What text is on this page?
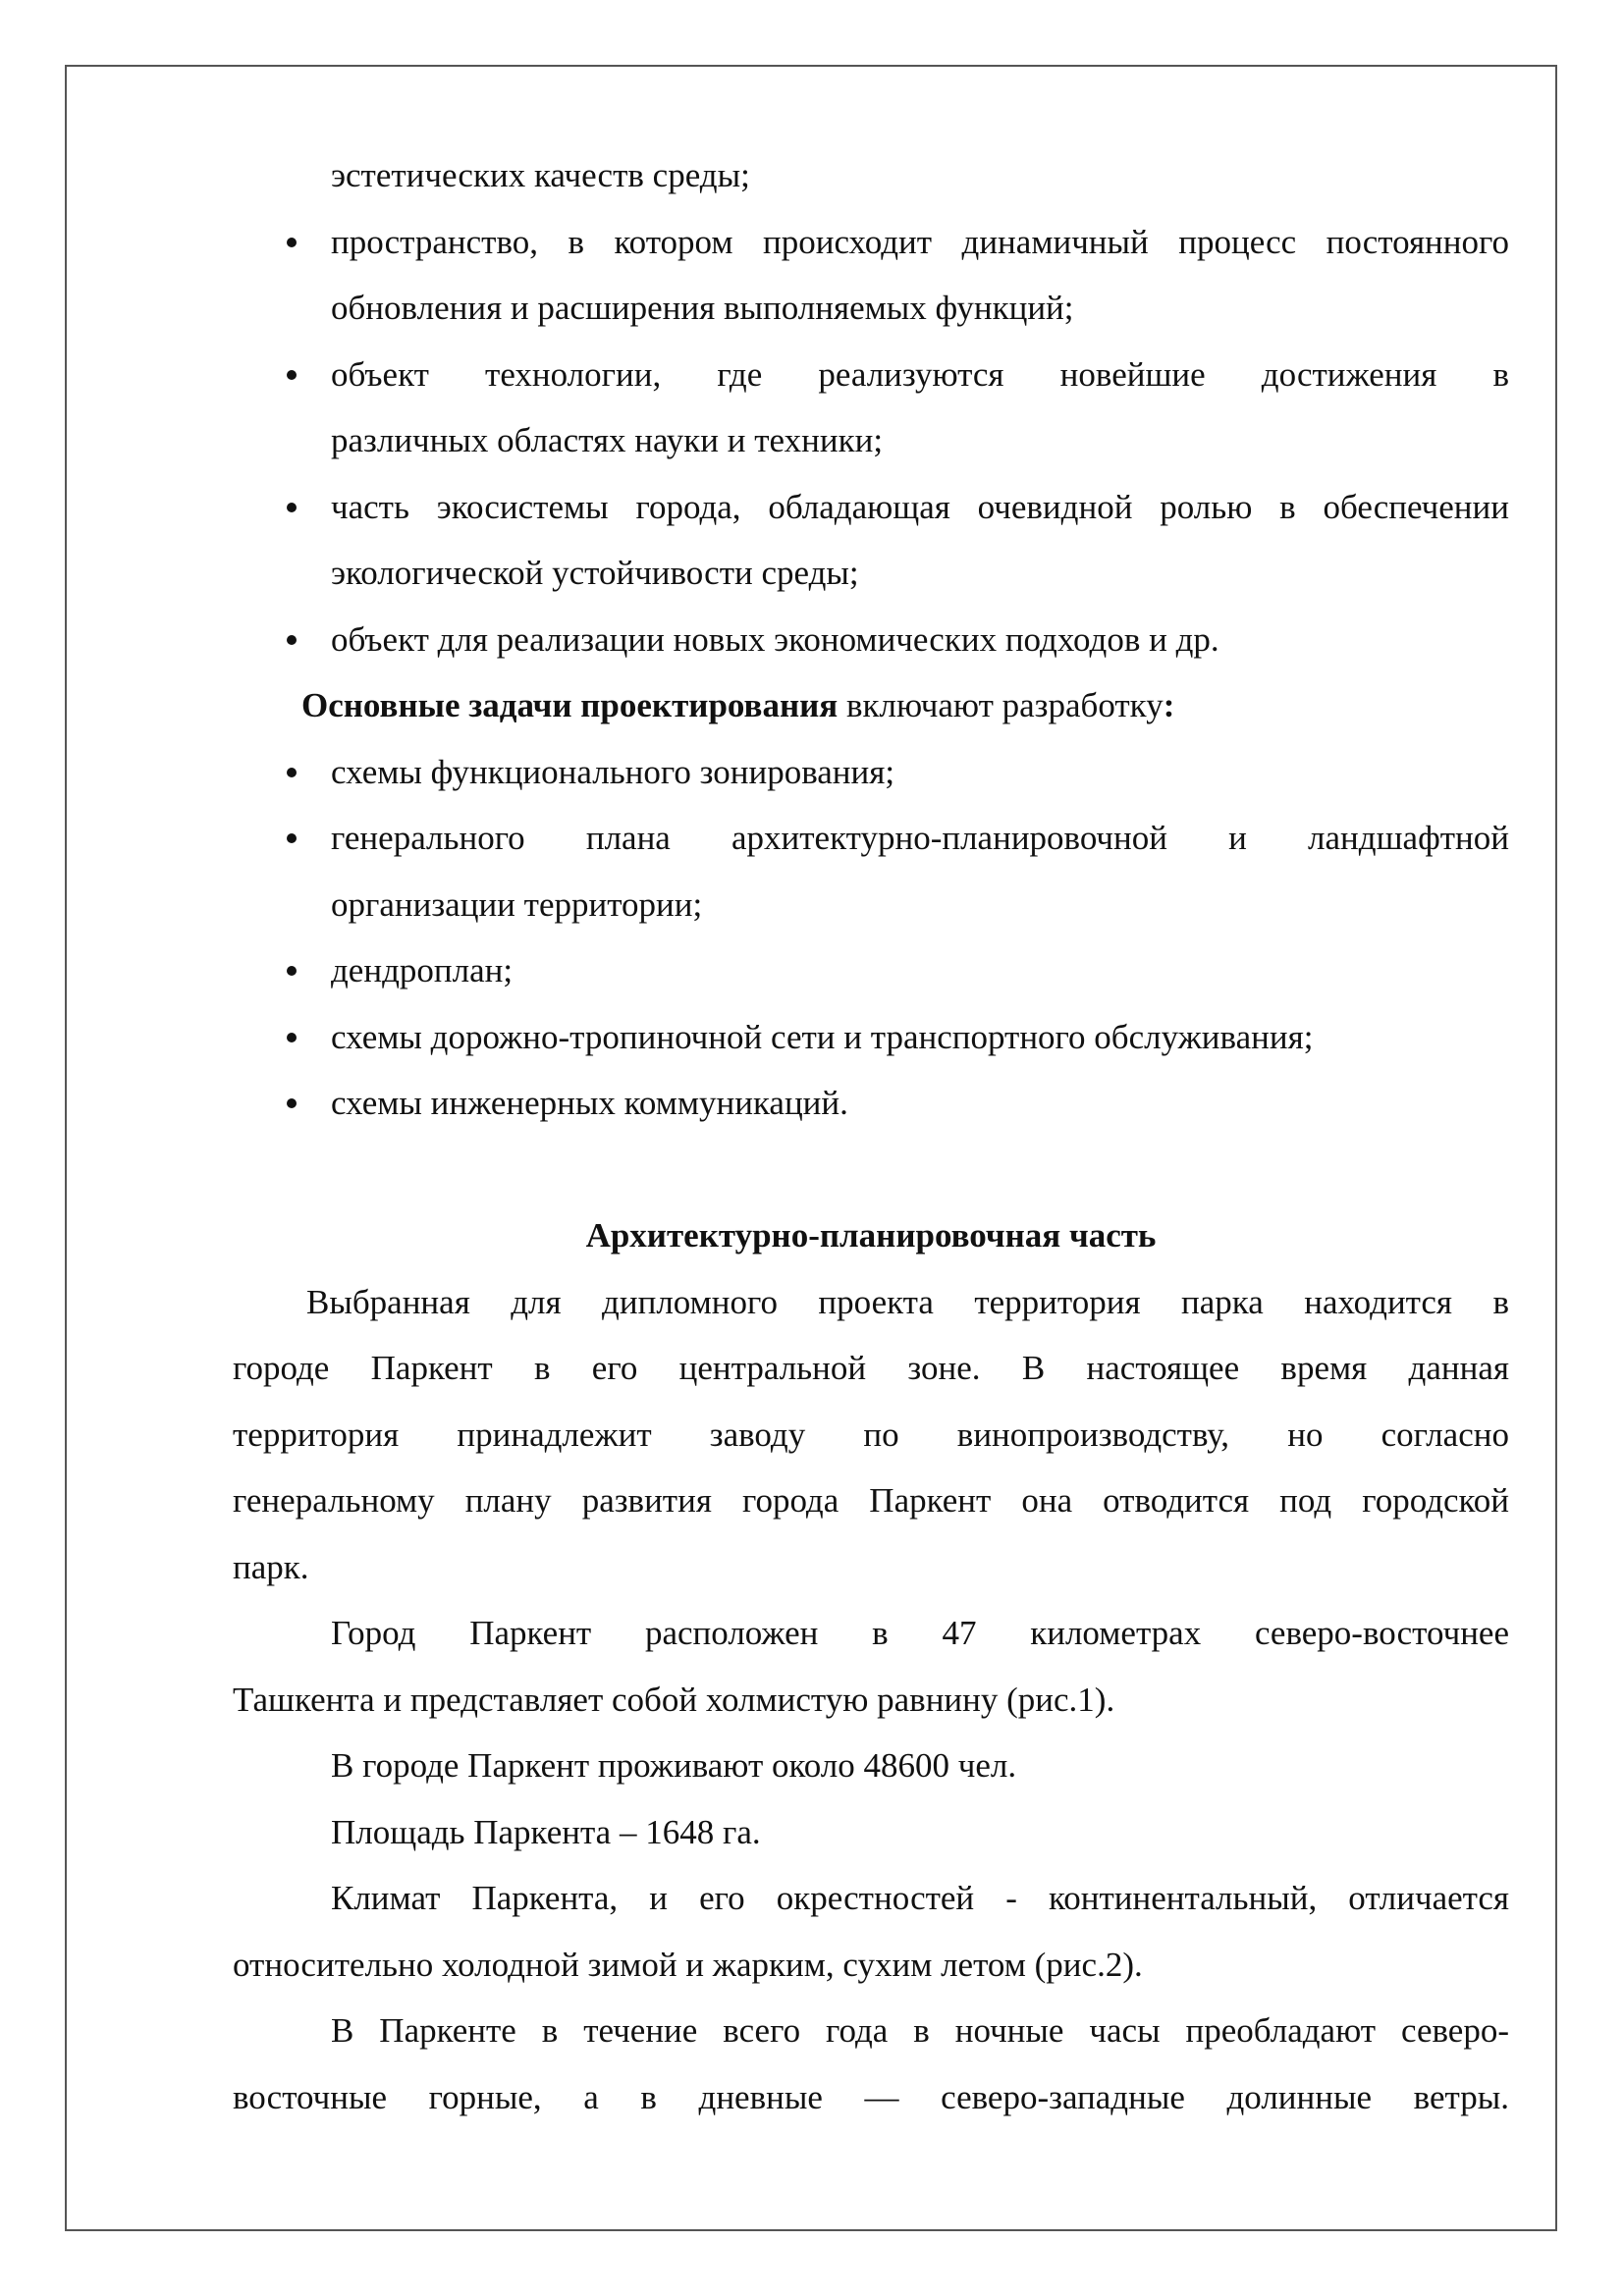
эстетических качеств среды;
пространство, в котором происходит динамичный процесс постоянного
обновления и расширения выполняемых функций;
объект технологии, где реализуются новейшие достижения в
различных областях науки и техники;
часть экосистемы города, обладающая очевидной ролью в обеспечении
экологической устойчивости среды;
объект для реализации новых экономических подходов и др.
Основные задачи проектирования включают разработку:
схемы функционального зонирования;
генерального плана архитектурно-планировочной и ландшафтной
организации территории;
дендроплан;
схемы дорожно-тропиночной сети и транспортного обслуживания;
схемы инженерных коммуникаций.
Архитектурно-планировочная часть
Выбранная для дипломного проекта территория парка находится в
городе Паркент в его центральной зоне. В настоящее время данная
территория принадлежит заводу по винопроизводству, но согласно
генеральному плану развития города Паркент она отводится под городской
парк.
Город Паркент расположен в 47 километрах северо-восточнее
Ташкента и представляет собой холмистую равнину (рис.1).
В городе Паркент проживают около 48600 чел.
Площадь Паркента – 1648 га.
Климат Паркента, и его окрестностей - континентальный, отличается
относительно холодной зимой и жарким, сухим летом (рис.2).
В Паркенте в течение всего года в ночные часы преобладают северо-
восточные горные, а в дневные — северо-западные долинные ветры.
